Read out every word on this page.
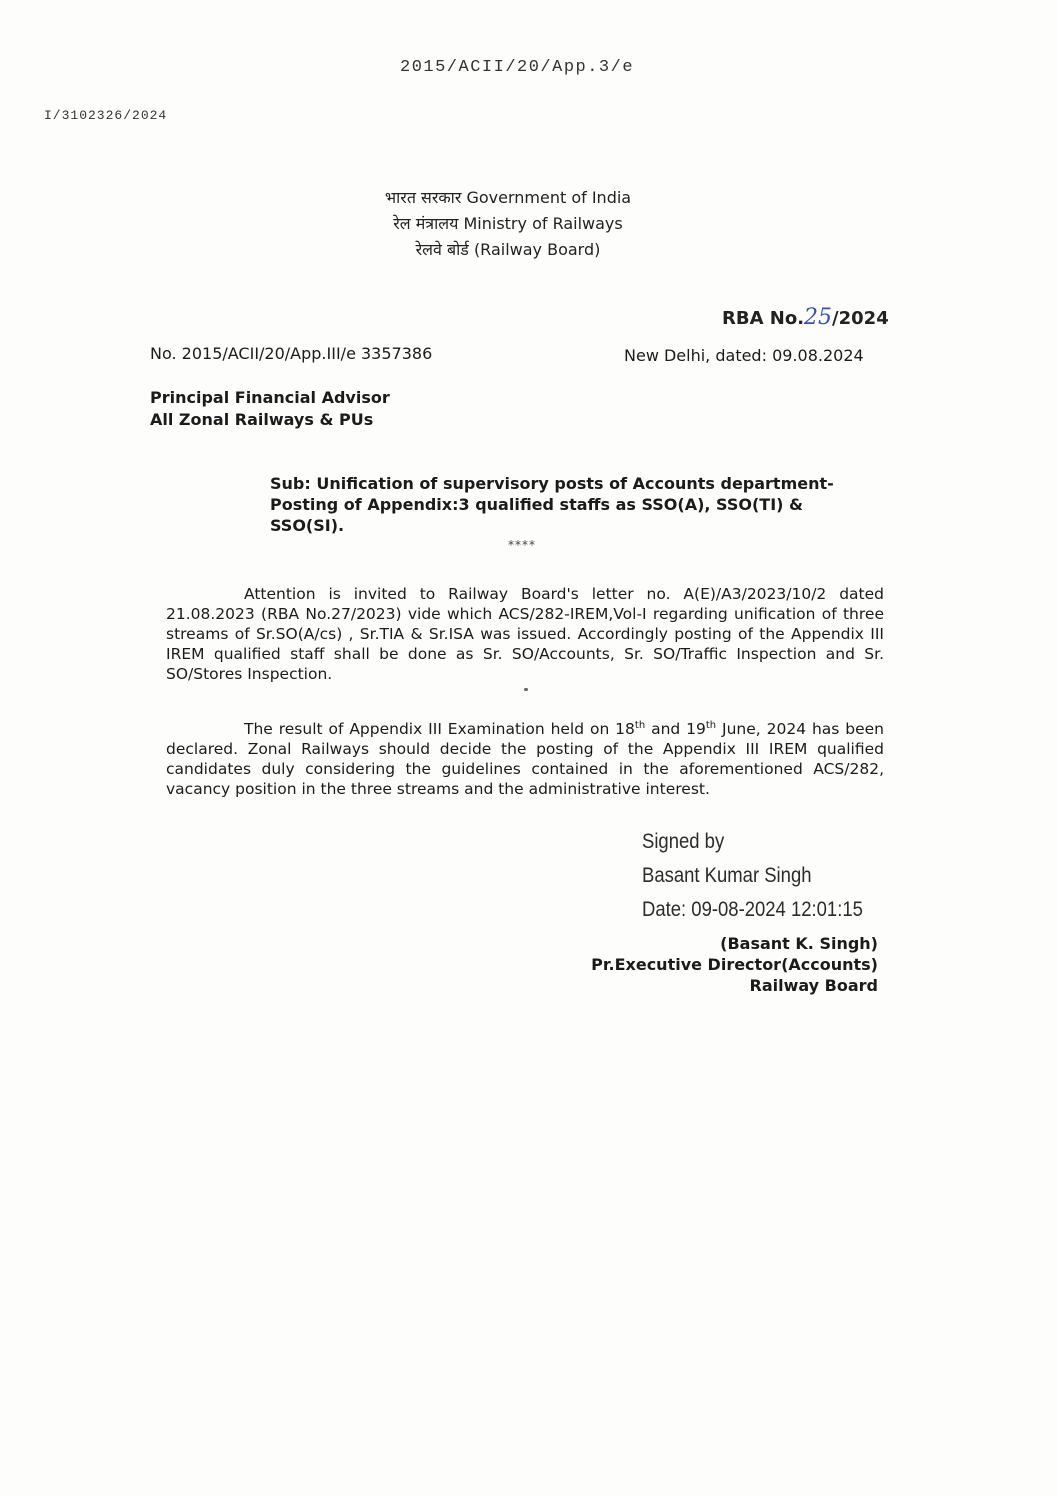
2015/ACII/20/App.3/e
I/3102326/2024
भारत सरकार Government of India
रेल मंत्रालय Ministry of Railways
रेलवे बोर्ड (Railway Board)
RBA No.25/2024
No. 2015/ACII/20/App.III/e 3357386	New Delhi, dated: 09.08.2024
Principal Financial Advisor
All Zonal Railways & PUs
Sub: Unification of supervisory posts of Accounts department-
Posting of Appendix:3 qualified staffs as SSO(A), SSO(TI) &
SSO(SI).
****
Attention is invited to Railway Board's letter no. A(E)/A3/2023/10/2 dated 21.08.2023 (RBA No.27/2023) vide which ACS/282-IREM,Vol-I regarding unification of three streams of Sr.SO(A/cs) , Sr.TIA & Sr.ISA was issued. Accordingly posting of the Appendix III IREM qualified staff shall be done as Sr. SO/Accounts, Sr. SO/Traffic Inspection and Sr. SO/Stores Inspection.
The result of Appendix III Examination held on 18th and 19th June, 2024 has been declared. Zonal Railways should decide the posting of the Appendix III IREM qualified candidates duly considering the guidelines contained in the aforementioned ACS/282, vacancy position in the three streams and the administrative interest.
Signed by
Basant Kumar Singh
Date: 09-08-2024 12:01:15
(Basant K. Singh)
Pr.Executive Director(Accounts)
Railway Board
